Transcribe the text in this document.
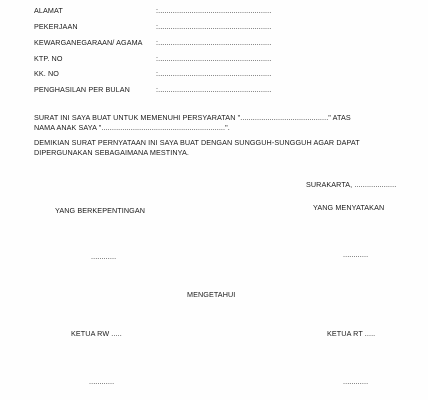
ALAMAT	:......................................................
PEKERJAAN	:......................................................
KEWARGANEGARAAN/ AGAMA :......................................................
KTP. NO	:......................................................
KK. NO	:......................................................
PENGHASILAN PER BULAN	:......................................................
SURAT INI SAYA BUAT UNTUK MEMENUHI PERSYARATAN ".........................................." ATAS
NAMA ANAK SAYA "...........................................................".
DEMIKIAN SURAT PERNYATAAN INI SAYA BUAT DENGAN SUNGGUH-SUNGGUH AGAR DAPAT
DIPERGUNAKAN SEBAGAIMANA MESTINYA.
SURAKARTA, ....................
YANG BERKEPENTINGAN	YANG MENYATAKAN
............	............
MENGETAHUI
KETUA RW .....	KETUA RT .....
............	............
